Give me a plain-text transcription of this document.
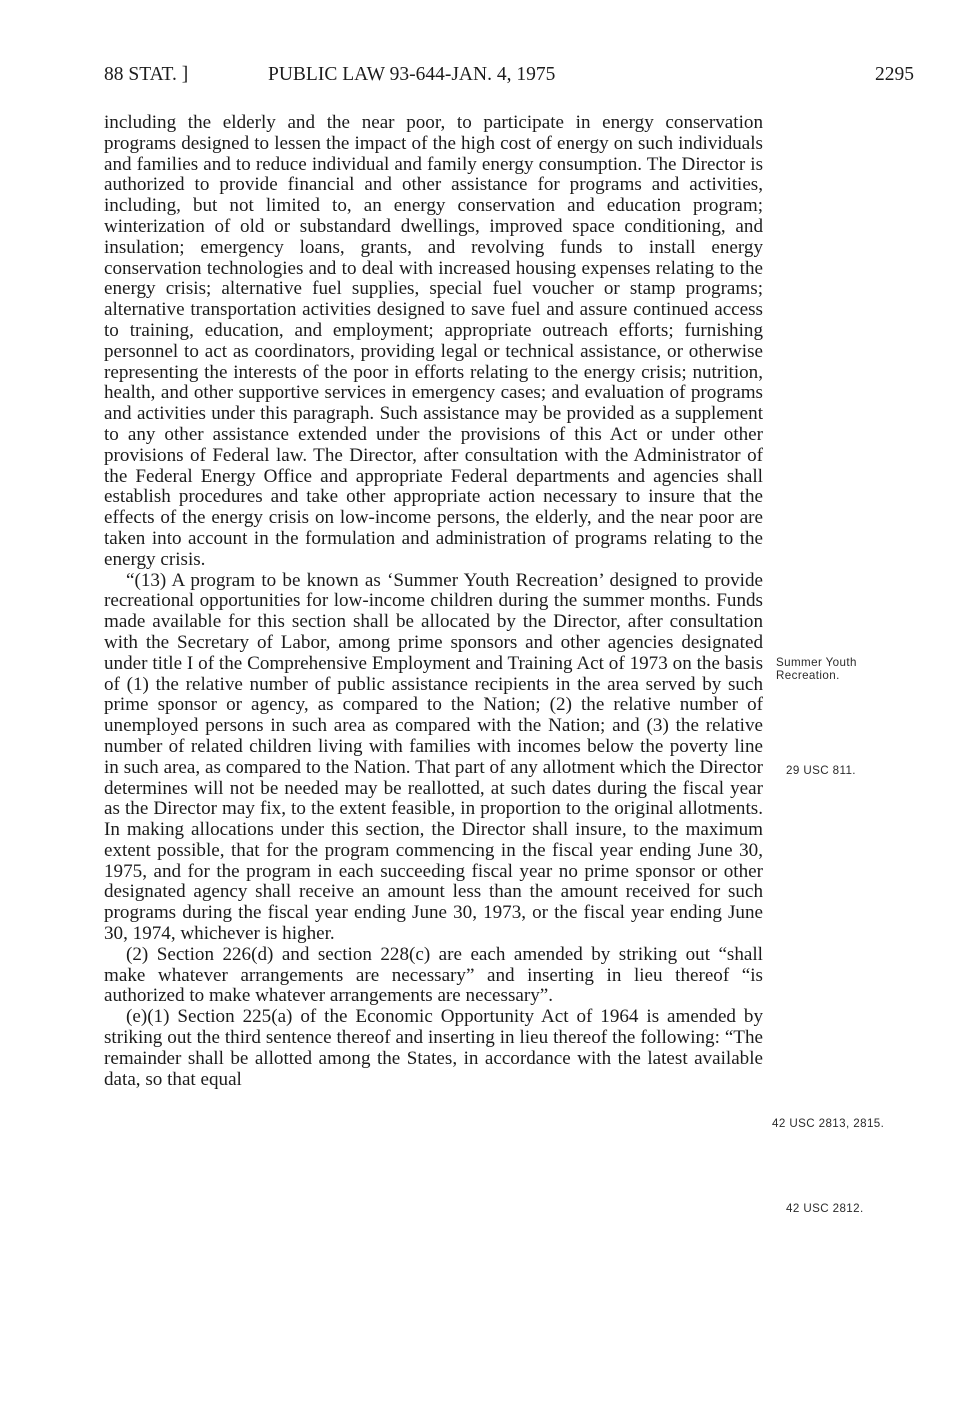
88 STAT. ]	PUBLIC LAW 93-644-JAN. 4, 1975	2295

including the elderly and the near poor, to participate in energy conservation programs designed to lessen the impact of the high cost of energy on such individuals and families and to reduce individual and family energy consumption. The Director is authorized to provide financial and other assistance for programs and activities, including, but not limited to, an energy conservation and education program; winterization of old or substandard dwellings, improved space conditioning, and insulation; emergency loans, grants, and revolving funds to install energy conservation technologies and to deal with increased housing expenses relating to the energy crisis; alternative fuel supplies, special fuel voucher or stamp programs; alternative transportation activities designed to save fuel and assure continued access to training, education, and employment; appropriate outreach efforts; furnishing personnel to act as coordinators, providing legal or technical assistance, or otherwise representing the interests of the poor in efforts relating to the energy crisis; nutrition, health, and other supportive services in emergency cases; and evaluation of programs and activities under this paragraph. Such assistance may be provided as a supplement to any other assistance extended under the provisions of this Act or under other provisions of Federal law. The Director, after consultation with the Administrator of the Federal Energy Office and appropriate Federal departments and agencies shall establish procedures and take other appropriate action necessary to insure that the effects of the energy crisis on low-income persons, the elderly, and the near poor are taken into account in the formulation and administration of programs relating to the energy crisis.

“(13) A program to be known as ‘Summer Youth Recreation’ designed to provide recreational opportunities for low-income children during the summer months. Funds made available for this section shall be allocated by the Director, after consultation with the Secretary of Labor, among prime sponsors and other agencies designated under title I of the Comprehensive Employment and Training Act of 1973 on the basis of (1) the relative number of public assistance recipients in the area served by such prime sponsor or agency, as compared to the Nation; (2) the relative number of unemployed persons in such area as compared with the Nation; and (3) the relative number of related children living with families with incomes below the poverty line in such area, as compared to the Nation. That part of any allotment which the Director determines will not be needed may be reallotted, at such dates during the fiscal year as the Director may fix, to the extent feasible, in proportion to the original allotments. In making allocations under this section, the Director shall insure, to the maximum extent possible, that for the program commencing in the fiscal year ending June 30, 1975, and for the program in each succeeding fiscal year no prime sponsor or other designated agency shall receive an amount less than the amount received for such programs during the fiscal year ending June 30, 1973, or the fiscal year ending June 30, 1974, whichever is higher.

(2) Section 226(d) and section 228(c) are each amended by striking out “shall make whatever arrangements are necessary” and inserting in lieu thereof “is authorized to make whatever arrangements are necessary”.

(e)(1) Section 225(a) of the Economic Opportunity Act of 1964 is amended by striking out the third sentence thereof and inserting in lieu thereof the following: “The remainder shall be allotted among the States, in accordance with the latest available data, so that equal

Summer Youth Recreation.
29 USC 811.
42 USC 2813, 2815.
42 USC 2812.
